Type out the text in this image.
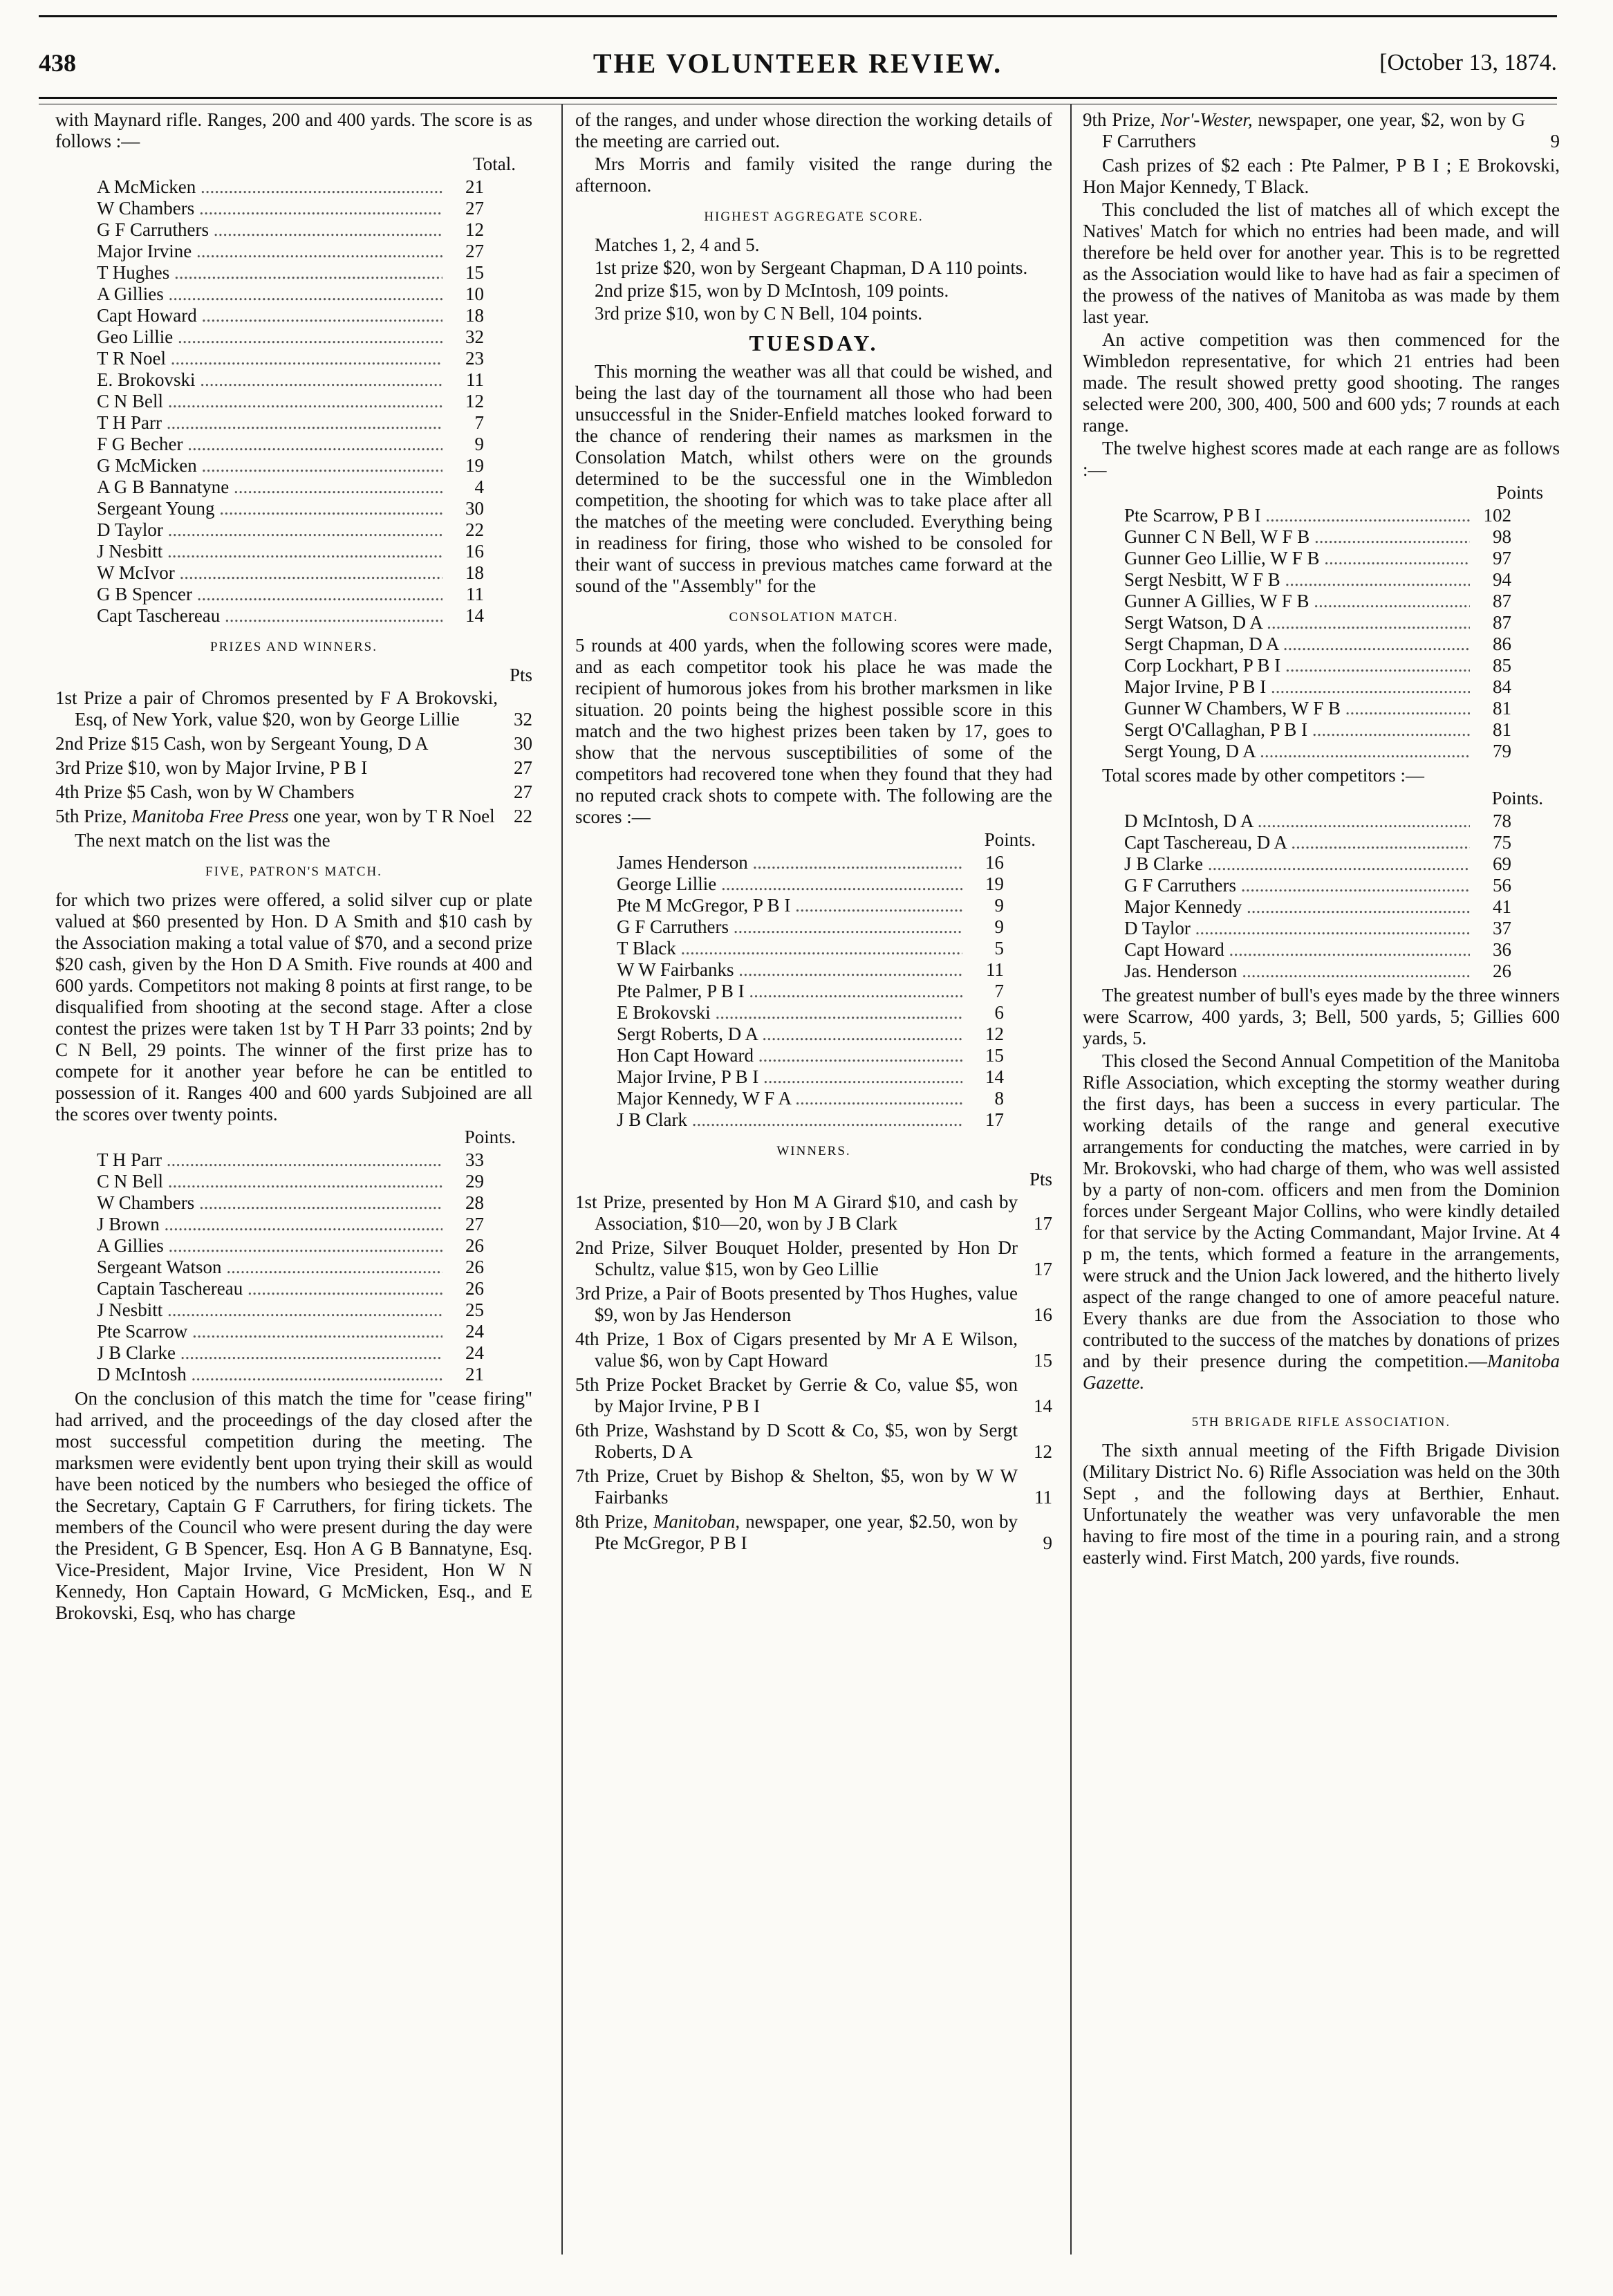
438	THE VOLUNTEER REVIEW.	[October 13, 1874.

with Maynard rifle. Ranges, 200 and 400 yards. The score is as follows :—

Total.
A McMicken .....	21
W Chambers .....	27
G F Carruthers .....	12
Major Irvine .....	27
T Hughes .....	15
A Gillies .....	10
Capt Howard .....	18
Geo Lillie .....	32
T R Noel .....	23
E. Brokovski .....	11
C N Bell .....	12
T H Parr .....	7
F G Becher .....	9
G McMicken .....	19
A G B Bannatyne .....	4
Sergeant Young .....	30
D Taylor .....	22
J Nesbitt .....	16
W McIvor .....	18
G B Spencer .....	11
Capt Taschereau .....	14
PRIZES AND WINNERS.
Pts
1st Prize a pair of Chromos presented by F A Brokovski, Esq, of New York, value $20, won by George Lillie	32
2nd Prize $15 Cash, won by Sergeant Young, D A	30
3rd Prize $10, won by Major Irvine, P B I	27
4th Prize $5 Cash, won by W Chambers	27
5th Prize, Manitoba Free Press one year, won by T R Noel	22

The next match on the list was the

FIVE, PATRON'S MATCH.

for which two prizes were offered, a solid silver cup or plate valued at $60 presented by Hon. D A Smith and $10 cash by the Association making a total value of $70, and a second prize $20 cash, given by the Hon D A Smith. Five rounds at 400 and 600 yards. Competitors not making 8 points at first range, to be disqualified from shooting at the second stage. After a close contest the prizes were taken 1st by T H Parr 33 points; 2nd by C N Bell, 29 points. The winner of the first prize has to compete for it another year before he can be entitled to possession of it. Ranges 400 and 600 yards Subjoined are all the scores over twenty points.

Points.
T H Parr .....	33
C N Bell .....	29
W Chambers .....	28
J Brown .....	27
A Gillies .....	26
Sergeant Watson .....	26
Captain Taschereau .....	26
J Nesbitt .....	25
Pte Scarrow .....	24
J B Clarke .....	24
D McIntosh .....	21

On the conclusion of this match the time for "cease firing" had arrived, and the proceedings of the day closed after the most successful competition during the meeting. The marksmen were evidently bent upon trying their skill as would have been noticed by the numbers who besieged the office of the Secretary, Captain G F Carruthers, for firing tickets. The members of the Council who were present during the day were the President, G B Spencer, Esq. Hon A G B Bannatyne, Esq. Vice-President, Major Irvine, Vice President, Hon W N Kennedy, Hon Captain Howard, G McMicken, Esq., and E Brokovski, Esq, who has charge

of the ranges, and under whose direction the working details of the meeting are carried out.

Mrs Morris and family visited the range during the afternoon.

HIGHEST AGGREGATE SCORE.

Matches 1, 2, 4 and 5.

1st prize $20, won by Sergeant Chapman, D A 110 points.

2nd prize $15, won by D McIntosh, 109 points.

3rd prize $10, won by C N Bell, 104 points.

TUESDAY.

This morning the weather was all that could be wished, and being the last day of the tournament all those who had been unsuccessful in the Snider-Enfield matches looked forward to the chance of rendering their names as marksmen in the Consolation Match, whilst others were on the grounds determined to be the successful one in the Wimbledon competition, the shooting for which was to take place after all the matches of the meeting were concluded. Everything being in readiness for firing, those who wished to be consoled for their want of success in previous matches came forward at the sound of the "Assembly" for the

CONSOLATION MATCH.

5 rounds at 400 yards, when the following scores were made, and as each competitor took his place he was made the recipient of humorous jokes from his brother marksmen in like situation. 20 points being the highest possible score in this match and the two highest prizes been taken by 17, goes to show that the nervous susceptibilities of some of the competitors had recovered tone when they found that they had no reputed crack shots to compete with. The following are the scores :—

Points.
James Henderson .....	16
George Lillie .....	19
Pte M McGregor, P B I .....	9
G F Carruthers .....	9
T Black .....	5
W W Fairbanks .....	11
Pte Palmer, P B I .....	7
E Brokovski .....	6
Sergt Roberts, D A .....	12
Hon Capt Howard .....	15
Major Irvine, P B I .....	14
Major Kennedy, W F A .....	8
J B Clark .....	17
WINNERS.
Pts
1st Prize, presented by Hon M A Girard $10, and cash by Association, $10—20, won by J B Clark	17
2nd Prize, Silver Bouquet Holder, presented by Hon Dr Schultz, value $15, won by Geo Lillie	17
3rd Prize, a Pair of Boots presented by Thos Hughes, value $9, won by Jas Henderson	16
4th Prize, 1 Box of Cigars presented by Mr A E Wilson, value $6, won by Capt Howard	15
5th Prize Pocket Bracket by Gerrie & Co, value $5, won by Major Irvine, P B I	14
6th Prize, Washstand by D Scott & Co, $5, won by Sergt Roberts, D A	12
7th Prize, Cruet by Bishop & Shelton, $5, won by W W Fairbanks	11
8th Prize, Manitoban, newspaper, one year, $2.50, won by Pte McGregor, P B I	9
9th Prize, Nor'-Wester, newspaper, one year, $2, won by G F Carruthers	9

Cash prizes of $2 each : Pte Palmer, P B I ; E Brokovski, Hon Major Kennedy, T Black.

This concluded the list of matches all of which except the Natives' Match for which no entries had been made, and will therefore be held over for another year. This is to be regretted as the Association would like to have had as fair a specimen of the prowess of the natives of Manitoba as was made by them last year.

An active competition was then commenced for the Wimbledon representative, for which 21 entries had been made. The result showed pretty good shooting. The ranges selected were 200, 300, 400, 500 and 600 yds; 7 rounds at each range.

The twelve highest scores made at each range are as follows :—

Points
Pte Scarrow, P B I .....	102
Gunner C N Bell, W F B .....	98
Gunner Geo Lillie, W F B .....	97
Sergt Nesbitt, W F B .....	94
Gunner A Gillies, W F B .....	87
Sergt Watson, D A .....	87
Sergt Chapman, D A .....	86
Corp Lockhart, P B I .....	85
Major Irvine, P B I .....	84
Gunner W Chambers, W F B .....	81
Sergt O'Callaghan, P B I .....	81
Sergt Young, D A .....	79

Total scores made by other competitors :—

Points.
D McIntosh, D A .....	78
Capt Taschereau, D A .....	75
J B Clarke .....	69
G F Carruthers .....	56
Major Kennedy .....	41
D Taylor .....	37
Capt Howard .....	36
Jas. Henderson .....	26

The greatest number of bull's eyes made by the three winners were Scarrow, 400 yards, 3; Bell, 500 yards, 5; Gillies 600 yards, 5.

This closed the Second Annual Competition of the Manitoba Rifle Association, which excepting the stormy weather during the first days, has been a success in every particular. The working details of the range and general executive arrangements for conducting the matches, were carried in by Mr. Brokovski, who had charge of them, who was well assisted by a party of non-com. officers and men from the Dominion forces under Sergeant Major Collins, who were kindly detailed for that service by the Acting Commandant, Major Irvine. At 4 p m, the tents, which formed a feature in the arrangements, were struck and the Union Jack lowered, and the hitherto lively aspect of the range changed to one of amore peaceful nature. Every thanks are due from the Association to those who contributed to the success of the matches by donations of prizes and by their presence during the competition.—Manitoba Gazette.

5TH BRIGADE RIFLE ASSOCIATION.

The sixth annual meeting of the Fifth Brigade Division (Military District No. 6) Rifle Association was held on the 30th Sept , and the following days at Berthier, Enhaut. Unfortunately the weather was very unfavorable the men having to fire most of the time in a pouring rain, and a strong easterly wind. First Match, 200 yards, five rounds.
